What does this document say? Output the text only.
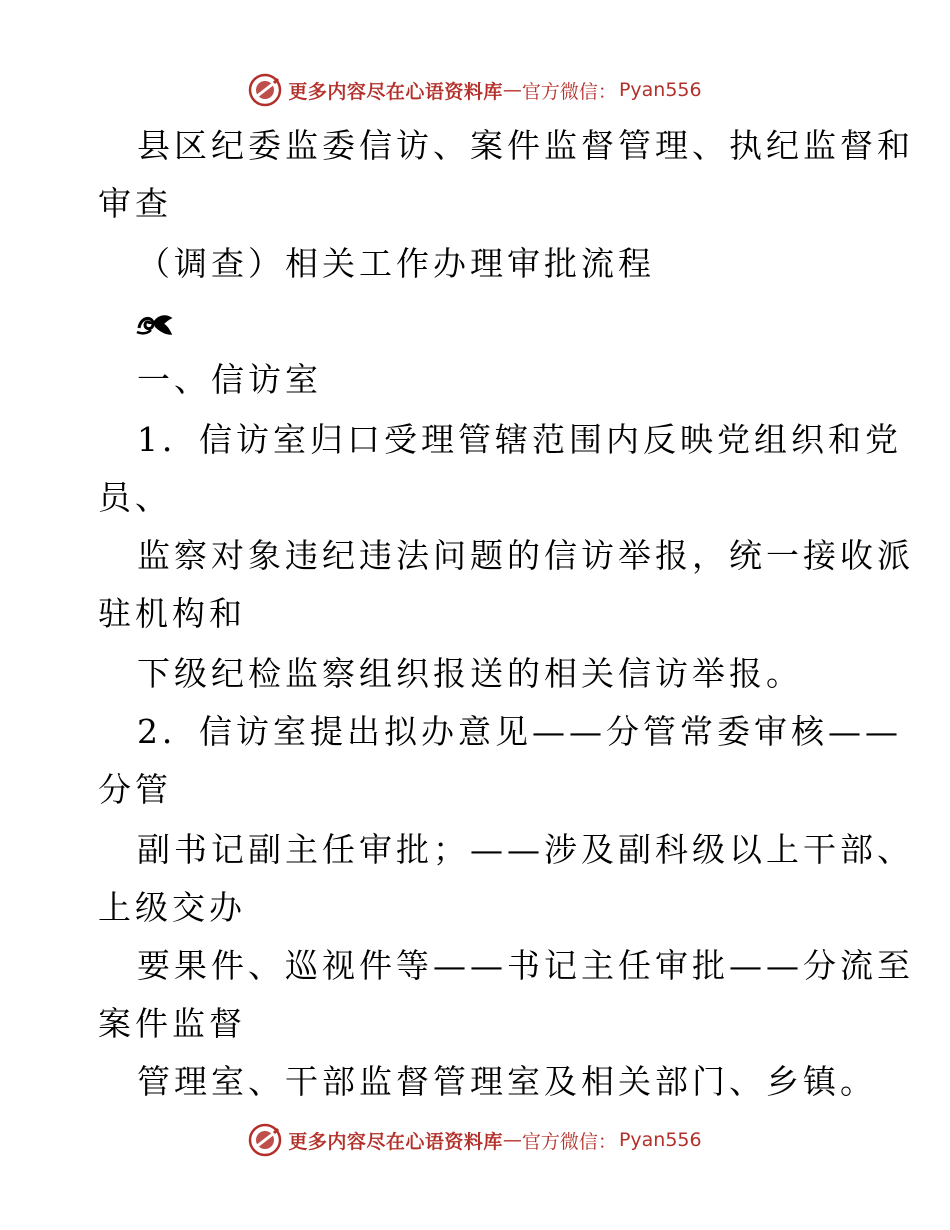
更多内容尽在心语资料库 — 官方微信： Pyan556
县区纪委监委信访、案件监督管理、执纪监督和
审查
（调查）相关工作办理审批流程
一、信访室
1．信访室归口受理管辖范围内反映党组织和党
员、
监察对象违纪违法问题的信访举报，统一接收派
驻机构和
下级纪检监察组织报送的相关信访举报。
2．信访室提出拟办意见——分管常委审核——
分管
副书记副主任审批；——涉及副科级以上干部、
上级交办
要果件、巡视件等——书记主任审批——分流至
案件监督
管理室、干部监督管理室及相关部门、乡镇。
更多内容尽在心语资料库 — 官方微信： Pyan556
